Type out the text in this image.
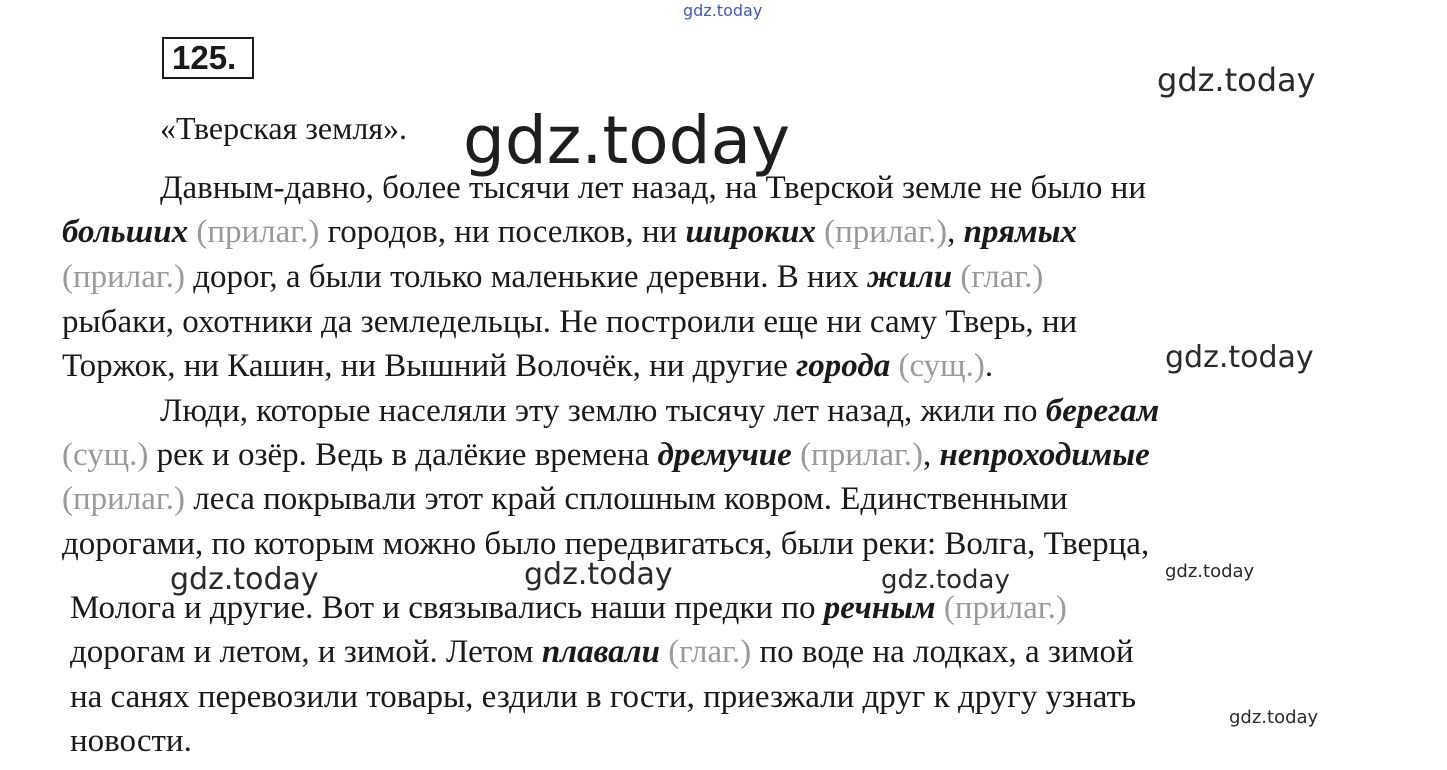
gdz.today
gdz.today
gdz.today
gdz.today
gdz.today	gdz.today	gdz.today	gdz.today
gdz.today
125.
«Тверская земля».
Давным-давно, более тысячи лет назад, на Тверской земле не было ни
больших (прилаг.) городов, ни поселков, ни широких (прилаг.), прямых
(прилаг.) дорог, а были только маленькие деревни. В них жили (глаг.)
рыбаки, охотники да земледельцы. Не построили еще ни саму Тверь, ни
Торжок, ни Кашин, ни Вышний Волочёк, ни другие города (сущ.).
Люди, которые населяли эту землю тысячу лет назад, жили по берегам
(сущ.) рек и озёр. Ведь в далёкие времена дремучие (прилаг.), непроходимые
(прилаг.) леса покрывали этот край сплошным ковром. Единственными
дорогами, по которым можно было передвигаться, были реки: Волга, Тверца,
Молога и другие. Вот и связывались наши предки по речным (прилаг.)
дорогам и летом, и зимой. Летом плавали (глаг.) по воде на лодках, а зимой
на санях перевозили товары, ездили в гости, приезжали друг к другу узнать
новости.
